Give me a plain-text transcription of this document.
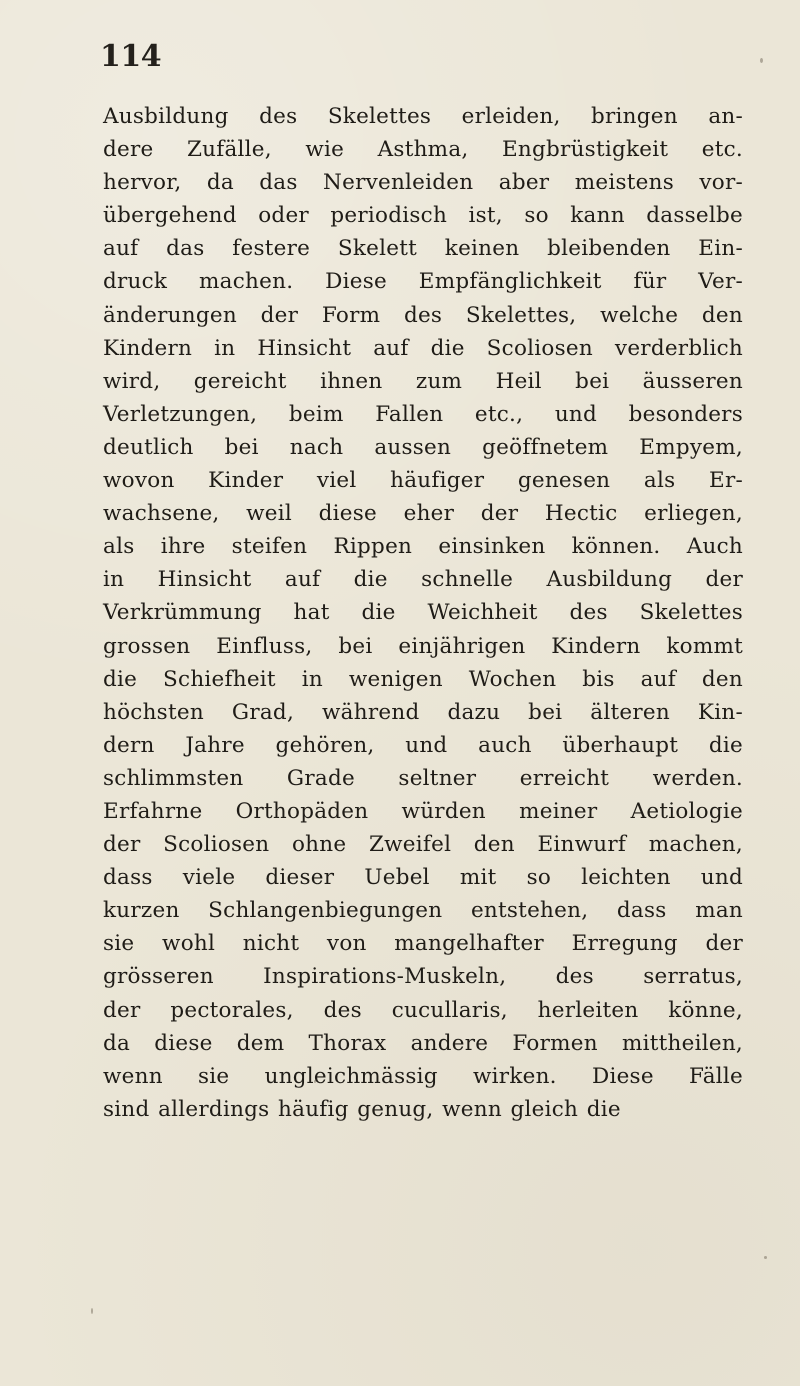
114

Ausbildung des Skelettes erleiden, bringen an-
dere Zufälle, wie Asthma, Engbrüstigkeit etc.
hervor, da das Nervenleiden aber meistens vor-
übergehend oder periodisch ist, so kann dasselbe
auf das festere Skelett keinen bleibenden Ein-
druck machen. Diese Empfänglichkeit für Ver-
änderungen der Form des Skelettes, welche den
Kindern in Hinsicht auf die Scoliosen verderblich
wird, gereicht ihnen zum Heil bei äusseren
Verletzungen, beim Fallen etc., und besonders
deutlich bei nach aussen geöffnetem Empyem,
wovon Kinder viel häufiger genesen als Er-
wachsene, weil diese eher der Hectic erliegen,
als ihre steifen Rippen einsinken können. Auch
in Hinsicht auf die schnelle Ausbildung der
Verkrümmung hat die Weichheit des Skelettes
grossen Einfluss, bei einjährigen Kindern kommt
die Schiefheit in wenigen Wochen bis auf den
höchsten Grad, während dazu bei älteren Kin-
dern Jahre gehören, und auch überhaupt die
schlimmsten Grade seltner erreicht werden.
Erfahrne Orthopäden würden meiner Aetiologie
der Scoliosen ohne Zweifel den Einwurf machen,
dass viele dieser Uebel mit so leichten und
kurzen Schlangenbiegungen entstehen, dass man
sie wohl nicht von mangelhafter Erregung der
grösseren Inspirations-Muskeln, des serratus,
der pectorales, des cucullaris, herleiten könne,
da diese dem Thorax andere Formen mittheilen,
wenn sie ungleichmässig wirken. Diese Fälle
sind allerdings häufig genug, wenn gleich die
